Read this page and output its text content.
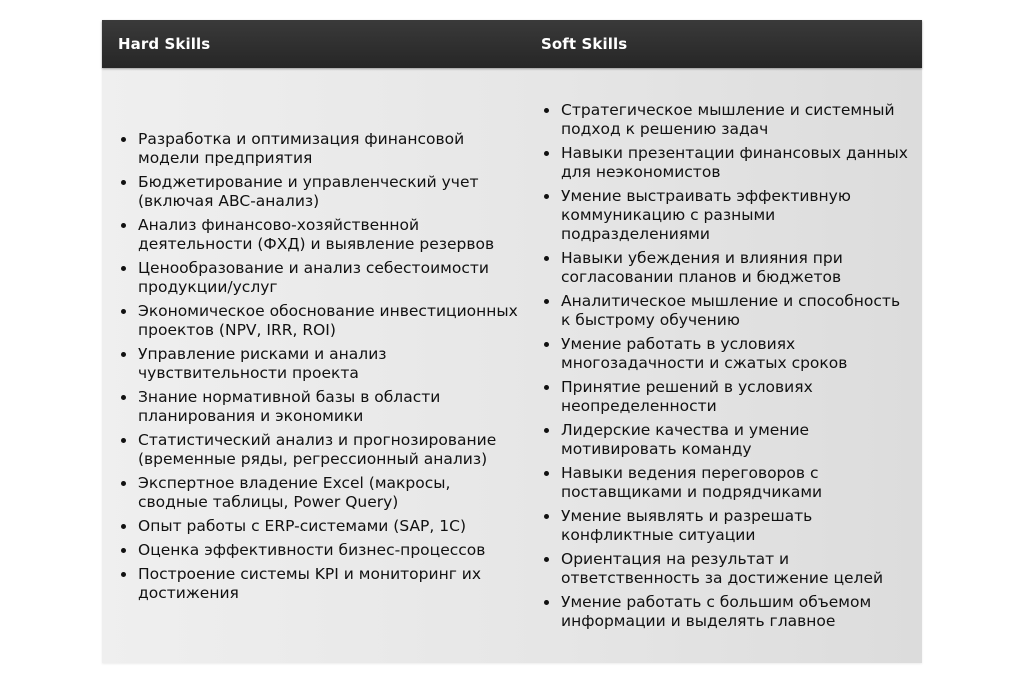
Hard Skills	Soft Skills
Разработка и оптимизация финансовой модели предприятия
Бюджетирование и управленческий учет (включая ABC-анализ)
Анализ финансово-хозяйственной деятельности (ФХД) и выявление резервов
Ценообразование и анализ себестоимости продукции/услуг
Экономическое обоснование инвестиционных проектов (NPV, IRR, ROI)
Управление рисками и анализ чувствительности проекта
Знание нормативной базы в области планирования и экономики
Статистический анализ и прогнозирование (временные ряды, регрессионный анализ)
Экспертное владение Excel (макросы, сводные таблицы, Power Query)
Опыт работы с ERP-системами (SAP, 1С)
Оценка эффективности бизнес-процессов
Построение системы KPI и мониторинг их достижения
Стратегическое мышление и системный подход к решению задач
Навыки презентации финансовых данных для неэкономистов
Умение выстраивать эффективную коммуникацию с разными подразделениями
Навыки убеждения и влияния при согласовании планов и бюджетов
Аналитическое мышление и способность к быстрому обучению
Умение работать в условиях многозадачности и сжатых сроков
Принятие решений в условиях неопределенности
Лидерские качества и умение мотивировать команду
Навыки ведения переговоров с поставщиками и подрядчиками
Умение выявлять и разрешать конфликтные ситуации
Ориентация на результат и ответственность за достижение целей
Умение работать с большим объемом информации и выделять главное
